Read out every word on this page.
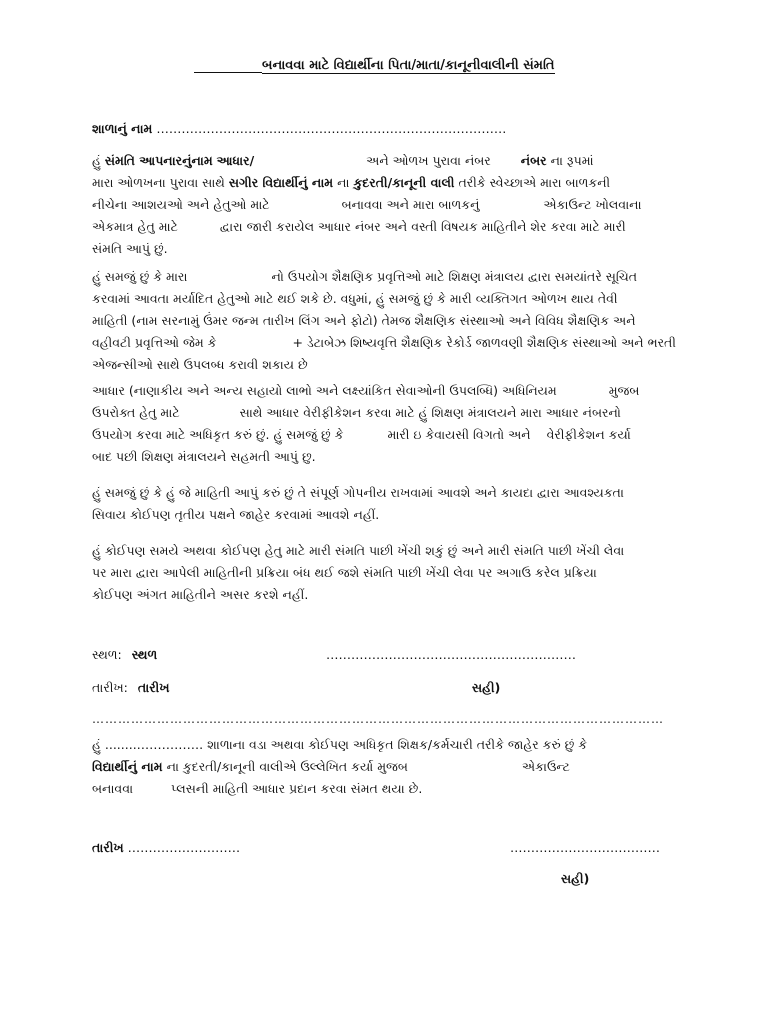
બનાવવા માટે વિદ્યાર્થીના પિતા/માતા/કાનૂનીવાલીની સંમતિ
શાળાનું નામ …………………………………………………………………………
હું સંમતિ આપનારનુંનામ આધાર/	અને ઓળખ પુરાવા નંબર નંબર ના રૂપમાં
મારા ઓળખના પુરાવા સાથે સગીર વિદ્યાર્થીનું નામ ના કુદરતી/કાનૂની વાલી તરીકે સ્વેચ્છાએ મારા બાળકની
નીચેના આશયઓ અને હેતુઓ માટે	બનાવવા અને મારા બાળકનું	એકાઉન્ટ ખોલવાના
એકમાત્ર હેતુ માટે	દ્વારા જારી કરાયેલ આધાર નંબર અને વસ્તી વિષયક માહિતીને શેર કરવા માટે મારી
સંમતિ આપું છું.
હું સમજું છું કે મારા	નો ઉપયોગ શૈક્ષણિક પ્રવૃત્તિઓ માટે શિક્ષણ મંત્રાલય દ્વારા સમયાંતરે સૂચિત
કરવામાં આવતા મર્યાદિત હેતુઓ માટે થઈ શકે છે. વધુમાં, હું સમજું છું કે મારી વ્યક્તિગત ઓળખ થાય તેવી
માહિતી (નામ સરનામું ઉંમર જન્મ તારીખ લિંગ અને ફોટો) તેમજ શૈક્ષણિક સંસ્થાઓ અને વિવિધ શૈક્ષણિક અને
વહીવટી પ્રવૃત્તિઓ જેમ કે	+ ડેટાબેઝ શિષ્યવૃત્તિ શૈક્ષણિક રેકોર્ડ જાળવણી શૈક્ષણિક સંસ્થાઓ અને ભરતી
એજન્સીઓ સાથે ઉપલબ્ધ કરાવી શકાય છે
આધાર (નાણાકીય અને અન્ય સહાયો લાભો અને લક્ષ્યાંકિત સેવાઓની ઉપલબ્ધિ) અધિનિયમ	મુજબ
ઉપરોક્ત હેતુ માટે	સાથે આધાર વેરીફીકેશન કરવા માટે હું શિક્ષણ મંત્રાલયને મારા આધાર નંબરનો
ઉપયોગ કરવા માટે અધિકૃત કરું છું. હું સમજું છું કે	મારી ઇ કેવાયસી વિગતો અને વેરીફીકેશન કર્યા
બાદ પછી શિક્ષણ મંત્રાલયને સહમતી આપું છુ.
હું સમજું છું કે હું જે માહિતી આપું કરું છું તે સંપૂર્ણ ગોપનીય રાખવામાં આવશે અને કાયદા દ્વારા આવશ્યકતા
સિવાય કોઈપણ તૃતીય પક્ષને જાહેર કરવામાં આવશે નહીં.
હું કોઈપણ સમયે અથવા કોઈપણ હેતુ માટે મારી સંમતિ પાછી ખેંચી શકું છું અને મારી સંમતિ પાછી ખેંચી લેવા
પર મારા દ્વારા આપેલી માહિતીની પ્રક્રિયા બંધ થઈ જશે સંમતિ પાછી ખેંચી લેવા પર અગાઉ કરેલ પ્રક્રિયા
કોઈપણ અંગત માહિતીને અસર કરશે નહીં.
સ્થળ: સ્થળ	……………………………………………………
તારીખ: તારીખ	સહી)
……………………………………………………………………………………………………………………
હું ........……………. શાળાના વડા અથવા કોઈપણ અધિકૃત શિક્ષક/કર્મચારી તરીકે જાહેર કરું છું કે
વિદ્યાર્થીનું નામ ના કુદરતી/કાનૂની વાલીએ ઉલ્લેખિત કર્યા મુજબ	એકાઉન્ટ
બનાવવા	પ્લસની માહિતી આધાર પ્રદાન કરવા સંમત થયા છે.
તારીખ ………………………	………………………………
સહી)
